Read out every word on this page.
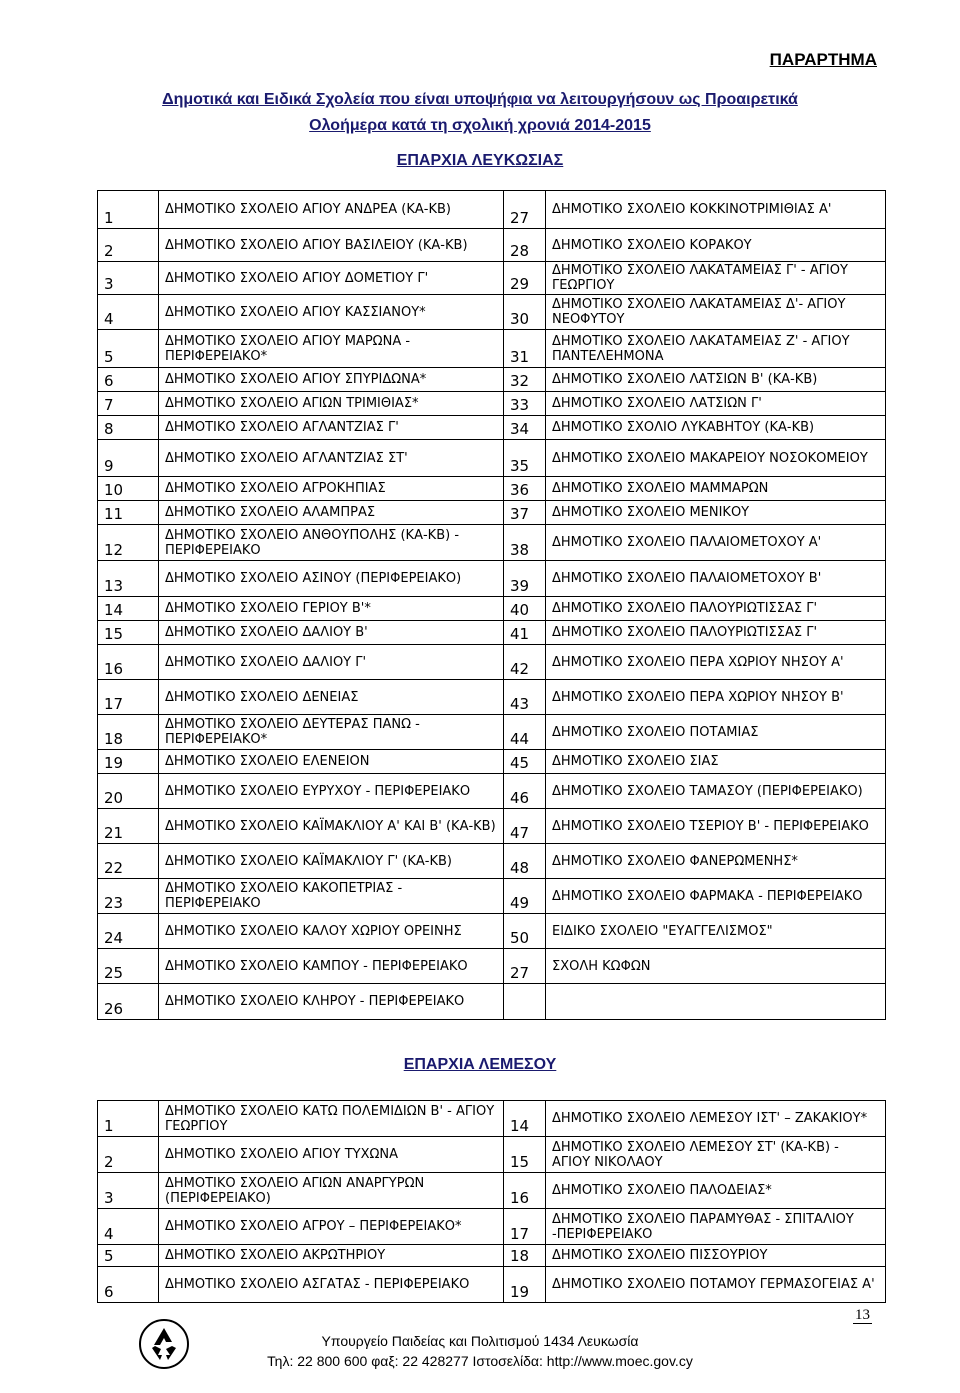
ΠΑΡΑΡΤΗΜΑ
Δημοτικά και Ειδικά Σχολεία που είναι υποψήφια να λειτουργήσουν ως Προαιρετικά
Ολοήμερα κατά τη σχολική χρονιά 2014-2015
ΕΠΑΡΧΙΑ ΛΕΥΚΩΣΙΑΣ
1	ΔΗΜΟΤΙΚΟ ΣΧΟΛΕΙΟ ΑΓΙΟΥ ΑΝΔΡΕΑ (ΚΑ-ΚΒ)	27	ΔΗΜΟΤΙΚΟ ΣΧΟΛΕΙΟ ΚΟΚΚΙΝΟΤΡΙΜΙΘΙΑΣ Α'
2	ΔΗΜΟΤΙΚΟ ΣΧΟΛΕΙΟ ΑΓΙΟΥ ΒΑΣΙΛΕΙΟΥ (ΚΑ-ΚΒ)	28	ΔΗΜΟΤΙΚΟ ΣΧΟΛΕΙΟ ΚΟΡΑΚΟΥ
3	ΔΗΜΟΤΙΚΟ ΣΧΟΛΕΙΟ ΑΓΙΟΥ ΔΟΜΕΤΙΟΥ Γ'	29	ΔΗΜΟΤΙΚΟ ΣΧΟΛΕΙΟ ΛΑΚΑΤΑΜΕΙΑΣ Γ' - ΑΓΙΟΥ ΓΕΩΡΓΙΟΥ
4	ΔΗΜΟΤΙΚΟ ΣΧΟΛΕΙΟ ΑΓΙΟΥ ΚΑΣΣΙΑΝΟΥ*	30	ΔΗΜΟΤΙΚΟ ΣΧΟΛΕΙΟ ΛΑΚΑΤΑΜΕΙΑΣ Δ'- ΑΓΙΟΥ ΝΕΟΦΥΤΟΥ
5	ΔΗΜΟΤΙΚΟ ΣΧΟΛΕΙΟ ΑΓΙΟΥ ΜΑΡΩΝΑ - ΠΕΡΙΦΕΡΕΙΑΚΟ*	31	ΔΗΜΟΤΙΚΟ ΣΧΟΛΕΙΟ ΛΑΚΑΤΑΜΕΙΑΣ Ζ' - ΑΓΙΟΥ ΠΑΝΤΕΛΕΗΜΟΝΑ
6	ΔΗΜΟΤΙΚΟ ΣΧΟΛΕΙΟ ΑΓΙΟΥ ΣΠΥΡΙΔΩΝΑ*	32	ΔΗΜΟΤΙΚΟ ΣΧΟΛΕΙΟ ΛΑΤΣΙΩΝ Β' (ΚΑ-ΚΒ)
7	ΔΗΜΟΤΙΚΟ ΣΧΟΛΕΙΟ ΑΓΙΩΝ ΤΡΙΜΙΘΙΑΣ*	33	ΔΗΜΟΤΙΚΟ ΣΧΟΛΕΙΟ ΛΑΤΣΙΩΝ Γ'
8	ΔΗΜΟΤΙΚΟ ΣΧΟΛΕΙΟ ΑΓΛΑΝΤΖΙΑΣ Γ'	34	ΔΗΜΟΤΙΚΟ ΣΧΟΛΙΟ ΛΥΚΑΒΗΤΟΥ (ΚΑ-ΚΒ)
9	ΔΗΜΟΤΙΚΟ ΣΧΟΛΕΙΟ ΑΓΛΑΝΤΖΙΑΣ ΣΤ'	35	ΔΗΜΟΤΙΚΟ ΣΧΟΛΕΙΟ ΜΑΚΑΡΕΙΟΥ ΝΟΣΟΚΟΜΕΙΟΥ
10	ΔΗΜΟΤΙΚΟ ΣΧΟΛΕΙΟ ΑΓΡΟΚΗΠΙΑΣ	36	ΔΗΜΟΤΙΚΟ ΣΧΟΛΕΙΟ ΜΑΜΜΑΡΩΝ
11	ΔΗΜΟΤΙΚΟ ΣΧΟΛΕΙΟ ΑΛΑΜΠΡΑΣ	37	ΔΗΜΟΤΙΚΟ ΣΧΟΛΕΙΟ ΜΕΝΙΚΟΥ
12	ΔΗΜΟΤΙΚΟ ΣΧΟΛΕΙΟ ΑΝΘΟΥΠΟΛΗΣ (ΚΑ-ΚΒ) - ΠΕΡΙΦΕΡΕΙΑΚΟ	38	ΔΗΜΟΤΙΚΟ ΣΧΟΛΕΙΟ ΠΑΛΑΙΟΜΕΤΟΧΟΥ Α'
13	ΔΗΜΟΤΙΚΟ ΣΧΟΛΕΙΟ ΑΣΙΝΟΥ (ΠΕΡΙΦΕΡΕΙΑΚΟ)	39	ΔΗΜΟΤΙΚΟ ΣΧΟΛΕΙΟ ΠΑΛΑΙΟΜΕΤΟΧΟΥ Β'
14	ΔΗΜΟΤΙΚΟ ΣΧΟΛΕΙΟ ΓΕΡΙΟΥ Β'*	40	ΔΗΜΟΤΙΚΟ ΣΧΟΛΕΙΟ ΠΑΛΟΥΡΙΩΤΙΣΣΑΣ Γ'
15	ΔΗΜΟΤΙΚΟ ΣΧΟΛΕΙΟ ΔΑΛΙΟΥ Β'	41	ΔΗΜΟΤΙΚΟ ΣΧΟΛΕΙΟ ΠΑΛΟΥΡΙΩΤΙΣΣΑΣ Γ'
16	ΔΗΜΟΤΙΚΟ ΣΧΟΛΕΙΟ ΔΑΛΙΟΥ Γ'	42	ΔΗΜΟΤΙΚΟ ΣΧΟΛΕΙΟ ΠΕΡΑ ΧΩΡΙΟΥ ΝΗΣΟΥ Α'
17	ΔΗΜΟΤΙΚΟ ΣΧΟΛΕΙΟ ΔΕΝΕΙΑΣ	43	ΔΗΜΟΤΙΚΟ ΣΧΟΛΕΙΟ ΠΕΡΑ ΧΩΡΙΟΥ ΝΗΣΟΥ Β'
18	ΔΗΜΟΤΙΚΟ ΣΧΟΛΕΙΟ ΔΕΥΤΕΡΑΣ ΠΑΝΩ - ΠΕΡΙΦΕΡΕΙΑΚΟ*	44	ΔΗΜΟΤΙΚΟ ΣΧΟΛΕΙΟ ΠΟΤΑΜΙΑΣ
19	ΔΗΜΟΤΙΚΟ ΣΧΟΛΕΙΟ ΕΛΕΝΕΙΟΝ	45	ΔΗΜΟΤΙΚΟ ΣΧΟΛΕΙΟ ΣΙΑΣ
20	ΔΗΜΟΤΙΚΟ ΣΧΟΛΕΙΟ ΕΥΡΥΧΟΥ - ΠΕΡΙΦΕΡΕΙΑΚΟ	46	ΔΗΜΟΤΙΚΟ ΣΧΟΛΕΙΟ ΤΑΜΑΣΟΥ (ΠΕΡΙΦΕΡΕΙΑΚΟ)
21	ΔΗΜΟΤΙΚΟ ΣΧΟΛΕΙΟ ΚΑΪΜΑΚΛΙΟΥ Α' ΚΑΙ Β' (ΚΑ-ΚΒ)	47	ΔΗΜΟΤΙΚΟ ΣΧΟΛΕΙΟ ΤΣΕΡΙΟΥ Β' - ΠΕΡΙΦΕΡΕΙΑΚΟ
22	ΔΗΜΟΤΙΚΟ ΣΧΟΛΕΙΟ ΚΑΪΜΑΚΛΙΟΥ Γ' (ΚΑ-ΚΒ)	48	ΔΗΜΟΤΙΚΟ ΣΧΟΛΕΙΟ ΦΑΝΕΡΩΜΕΝΗΣ*
23	ΔΗΜΟΤΙΚΟ ΣΧΟΛΕΙΟ ΚΑΚΟΠΕΤΡΙΑΣ - ΠΕΡΙΦΕΡΕΙΑΚΟ	49	ΔΗΜΟΤΙΚΟ ΣΧΟΛΕΙΟ ΦΑΡΜΑΚΑ - ΠΕΡΙΦΕΡΕΙΑΚΟ
24	ΔΗΜΟΤΙΚΟ ΣΧΟΛΕΙΟ ΚΑΛΟΥ ΧΩΡΙΟΥ ΟΡΕΙΝΗΣ	50	ΕΙΔΙΚΟ ΣΧΟΛΕΙΟ "ΕΥΑΓΓΕΛΙΣΜΟΣ"
25	ΔΗΜΟΤΙΚΟ ΣΧΟΛΕΙΟ ΚΑΜΠΟΥ - ΠΕΡΙΦΕΡΕΙΑΚΟ	27	ΣΧΟΛΗ ΚΩΦΩΝ
26	ΔΗΜΟΤΙΚΟ ΣΧΟΛΕΙΟ ΚΛΗΡΟΥ - ΠΕΡΙΦΕΡΕΙΑΚΟ		
ΕΠΑΡΧΙΑ ΛΕΜΕΣΟΥ
1	ΔΗΜΟΤΙΚΟ ΣΧΟΛΕΙΟ ΚΑΤΩ ΠΟΛΕΜΙΔΙΩΝ Β' - ΑΓΙΟΥ ΓΕΩΡΓΙΟΥ	14	ΔΗΜΟΤΙΚΟ ΣΧΟΛΕΙΟ ΛΕΜΕΣΟΥ ΙΣΤ' – ΖΑΚΑΚΙΟΥ*
2	ΔΗΜΟΤΙΚΟ ΣΧΟΛΕΙΟ ΑΓΙΟΥ ΤΥΧΩΝΑ	15	ΔΗΜΟΤΙΚΟ ΣΧΟΛΕΙΟ ΛΕΜΕΣΟΥ ΣΤ' (ΚΑ-ΚΒ) - ΑΓΙΟΥ ΝΙΚΟΛΑΟΥ
3	ΔΗΜΟΤΙΚΟ ΣΧΟΛΕΙΟ ΑΓΙΩΝ ΑΝΑΡΓΥΡΩΝ (ΠΕΡΙΦΕΡΕΙΑΚΟ)	16	ΔΗΜΟΤΙΚΟ ΣΧΟΛΕΙΟ ΠΑΛΟΔΕΙΑΣ*
4	ΔΗΜΟΤΙΚΟ ΣΧΟΛΕΙΟ ΑΓΡΟΥ – ΠΕΡΙΦΕΡΕΙΑΚΟ*	17	ΔΗΜΟΤΙΚΟ ΣΧΟΛΕΙΟ ΠΑΡΑΜΥΘΑΣ - ΣΠΙΤΑΛΙΟΥ -ΠΕΡΙΦΕΡΕΙΑΚΟ
5	ΔΗΜΟΤΙΚΟ ΣΧΟΛΕΙΟ ΑΚΡΩΤΗΡΙΟΥ	18	ΔΗΜΟΤΙΚΟ ΣΧΟΛΕΙΟ ΠΙΣΣΟΥΡΙΟΥ
6	ΔΗΜΟΤΙΚΟ ΣΧΟΛΕΙΟ ΑΣΓΑΤΑΣ - ΠΕΡΙΦΕΡΕΙΑΚΟ	19	ΔΗΜΟΤΙΚΟ ΣΧΟΛΕΙΟ ΠΟΤΑΜΟΥ ΓΕΡΜΑΣΟΓΕΙΑΣ Α'
13
Υπουργείο Παιδείας και Πολιτισμού 1434 Λευκωσία
Τηλ: 22 800 600 φαξ: 22 428277 Ιστοσελίδα: http://www.moec.gov.cy
